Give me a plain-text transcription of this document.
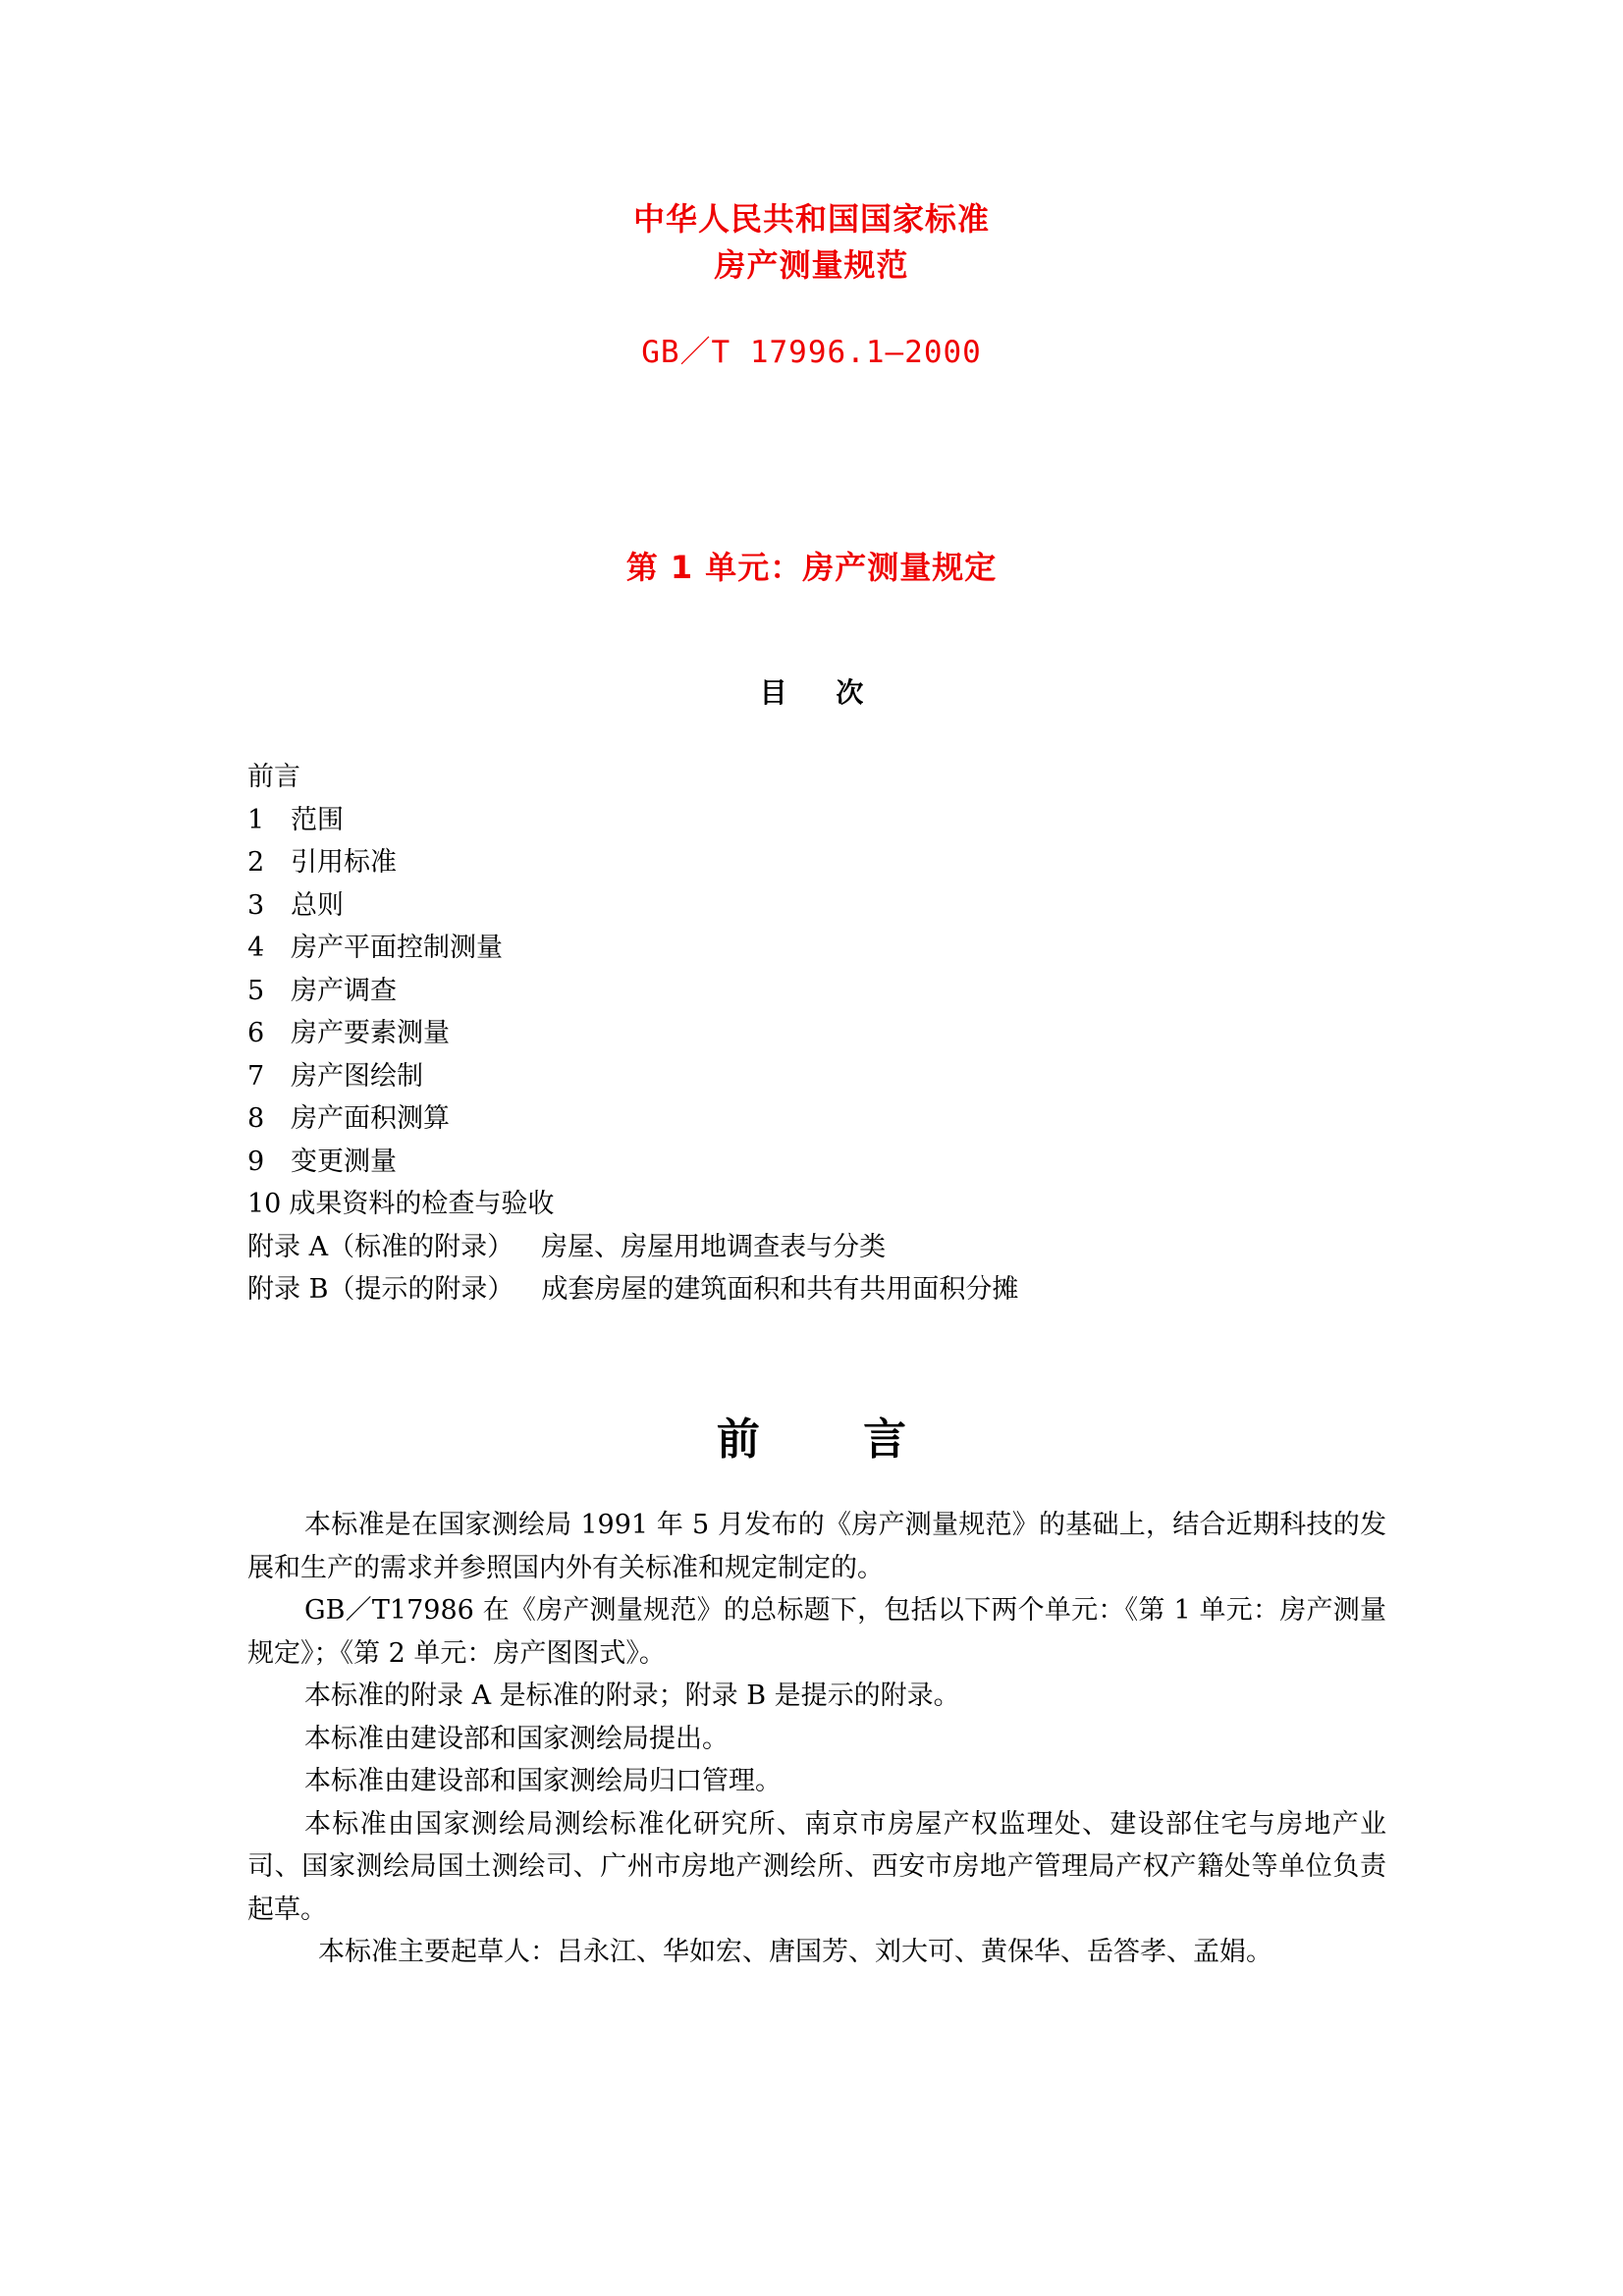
中华人民共和国国家标准
房产测量规范
GB／T 17996.1—2000
第 1 单元：房产测量规定
目 次
前言
1 范围
2 引用标准
3 总则
4 房产平面控制测量
5 房产调查
6 房产要素测量
7 房产图绘制
8 房产面积测算
9 变更测量
10 成果资料的检查与验收
附录 A（标准的附录） 房屋、房屋用地调查表与分类
附录 B（提示的附录） 成套房屋的建筑面积和共有共用面积分摊
前 言

本标准是在国家测绘局 1991 年 5 月发布的《房产测量规范》的基础上，结合近期科技的发展和生产的需求并参照国内外有关标准和规定制定的。

GB／T17986 在《房产测量规范》的总标题下，包括以下两个单元：《第 1 单元：房产测量规定》；《第 2 单元：房产图图式》。

本标准的附录 A 是标准的附录；附录 B 是提示的附录。

本标准由建设部和国家测绘局提出。

本标准由建设部和国家测绘局归口管理。

本标准由国家测绘局测绘标准化研究所、南京市房屋产权监理处、建设部住宅与房地产业司、国家测绘局国土测绘司、广州市房地产测绘所、西安市房地产管理局产权产籍处等单位负责起草。

本标准主要起草人：吕永江、华如宏、唐国芳、刘大可、黄保华、岳答孝、孟娟。
